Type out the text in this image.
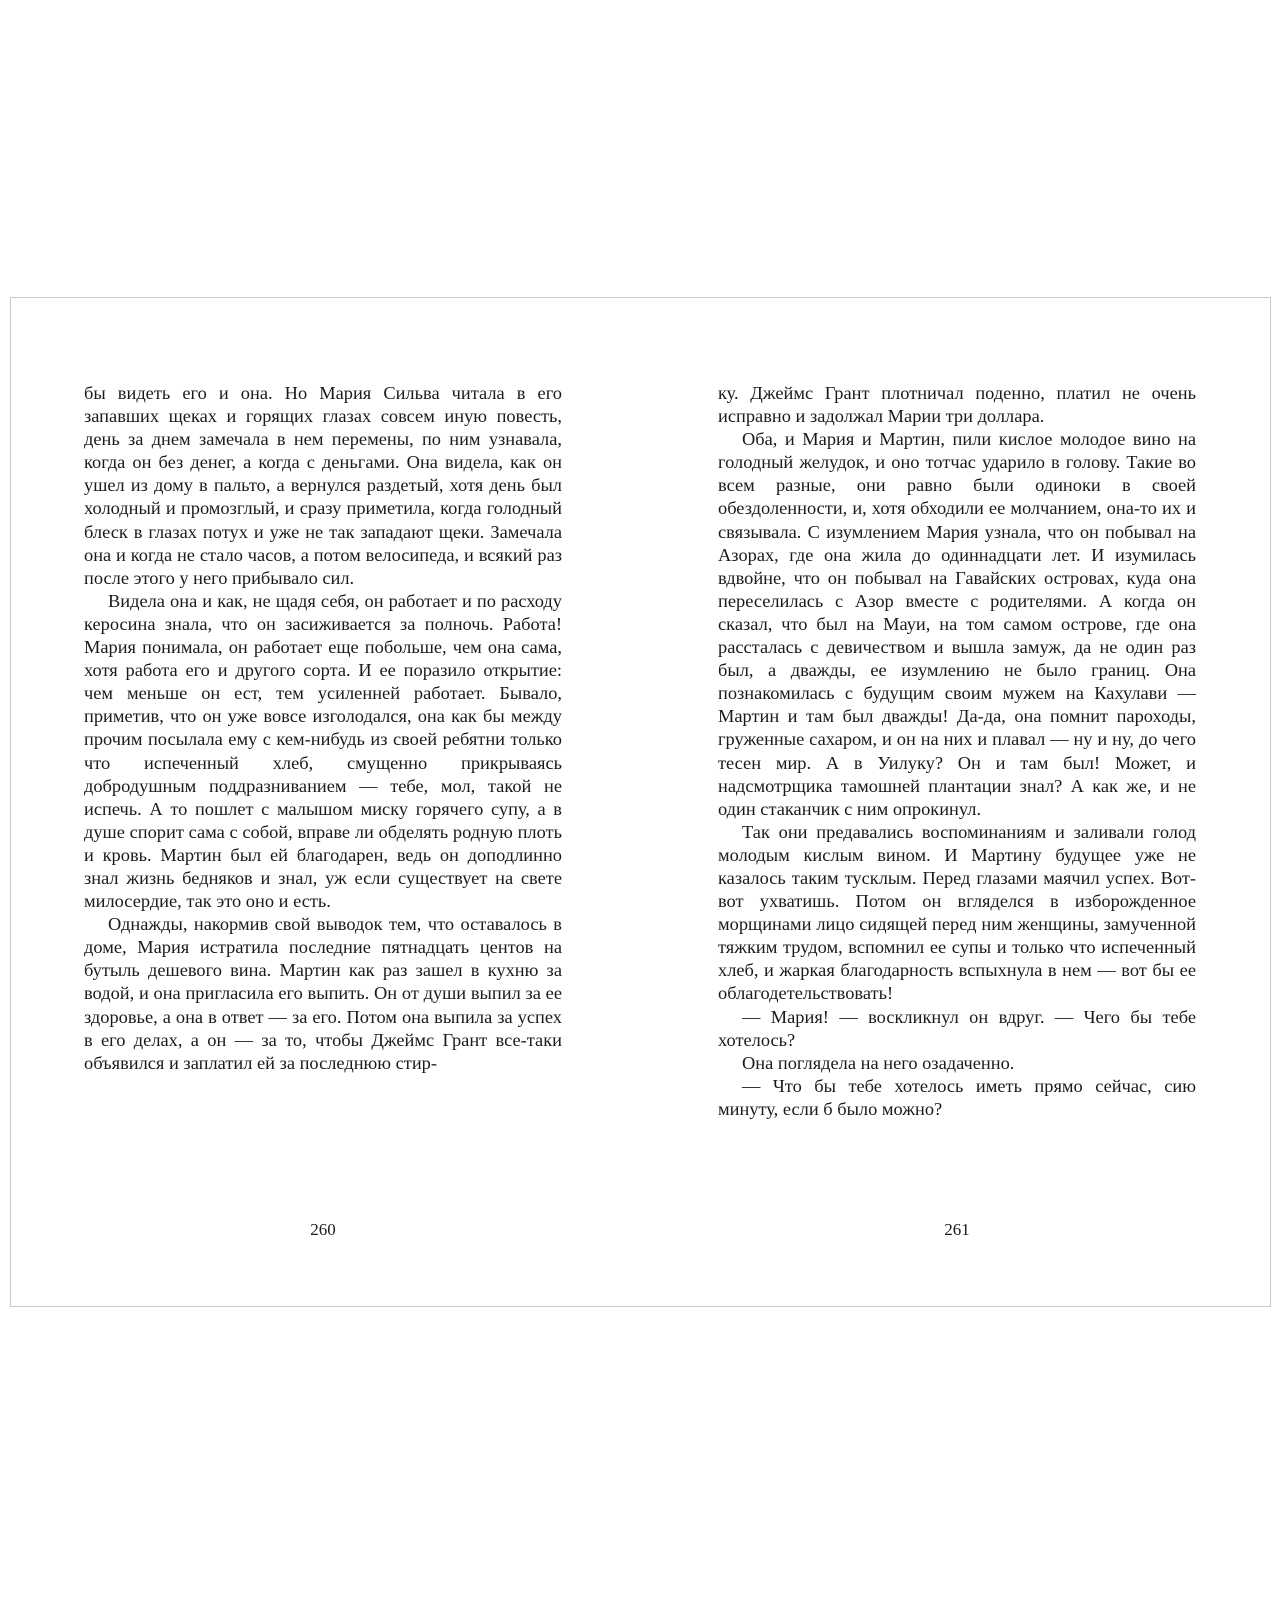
бы видеть его и она. Но Мария Сильва читала в его запавших щеках и горящих глазах совсем иную повесть, день за днем замечала в нем перемены, по ним узнавала, когда он без денег, а когда с деньгами. Она видела, как он ушел из дому в пальто, а вернулся раздетый, хотя день был холодный и промозглый, и сразу приметила, когда голодный блеск в глазах потух и уже не так западают щеки. Замечала она и когда не стало часов, а потом велосипеда, и всякий раз после этого у него прибывало сил.

Видела она и как, не щадя себя, он работает и по расходу керосина знала, что он засиживается за полночь. Работа! Мария понимала, он работает еще побольше, чем она сама, хотя работа его и другого сорта. И ее поразило открытие: чем меньше он ест, тем усиленней работает. Бывало, приметив, что он уже вовсе изголодался, она как бы между прочим посылала ему с кем-нибудь из своей ребятни только что испеченный хлеб, смущенно прикрываясь добродушным поддразниванием — тебе, мол, такой не испечь. А то пошлет с малышом миску горячего супу, а в душе спорит сама с собой, вправе ли обделять родную плоть и кровь. Мартин был ей благодарен, ведь он доподлинно знал жизнь бедняков и знал, уж если существует на свете милосердие, так это оно и есть.

Однажды, накормив свой выводок тем, что оставалось в доме, Мария истратила последние пятнадцать центов на бутыль дешевого вина. Мартин как раз зашел в кухню за водой, и она пригласила его выпить. Он от души выпил за ее здоровье, а она в ответ — за его. Потом она выпила за успех в его делах, а он — за то, чтобы Джеймс Грант все-таки объявился и заплатил ей за последнюю стир-

260

ку. Джеймс Грант плотничал поденно, платил не очень исправно и задолжал Марии три доллара.

Оба, и Мария и Мартин, пили кислое молодое вино на голодный желудок, и оно тотчас ударило в голову. Такие во всем разные, они равно были одиноки в своей обездоленности, и, хотя обходили ее молчанием, она-то их и связывала. С изумлением Мария узнала, что он побывал на Азорах, где она жила до одиннадцати лет. И изумилась вдвойне, что он побывал на Гавайских островах, куда она переселилась с Азор вместе с родителями. А когда он сказал, что был на Мауи, на том самом острове, где она рассталась с девичеством и вышла замуж, да не один раз был, а дважды, ее изумлению не было границ. Она познакомилась с будущим своим мужем на Кахулави — Мартин и там был дважды! Да-да, она помнит пароходы, груженные сахаром, и он на них и плавал — ну и ну, до чего тесен мир. А в Уилуку? Он и там был! Может, и надсмотрщика тамошней плантации знал? А как же, и не один стаканчик с ним опрокинул.

Так они предавались воспоминаниям и заливали голод молодым кислым вином. И Мартину будущее уже не казалось таким тусклым. Перед глазами маячил успех. Вот-вот ухватишь. Потом он вгляделся в изборожденное морщинами лицо сидящей перед ним женщины, замученной тяжким трудом, вспомнил ее супы и только что испеченный хлеб, и жаркая благодарность вспыхнула в нем — вот бы ее облагодетельствовать!

— Мария! — воскликнул он вдруг. — Чего бы тебе хотелось?

Она поглядела на него озадаченно.

— Что бы тебе хотелось иметь прямо сейчас, сию минуту, если б было можно?

261
